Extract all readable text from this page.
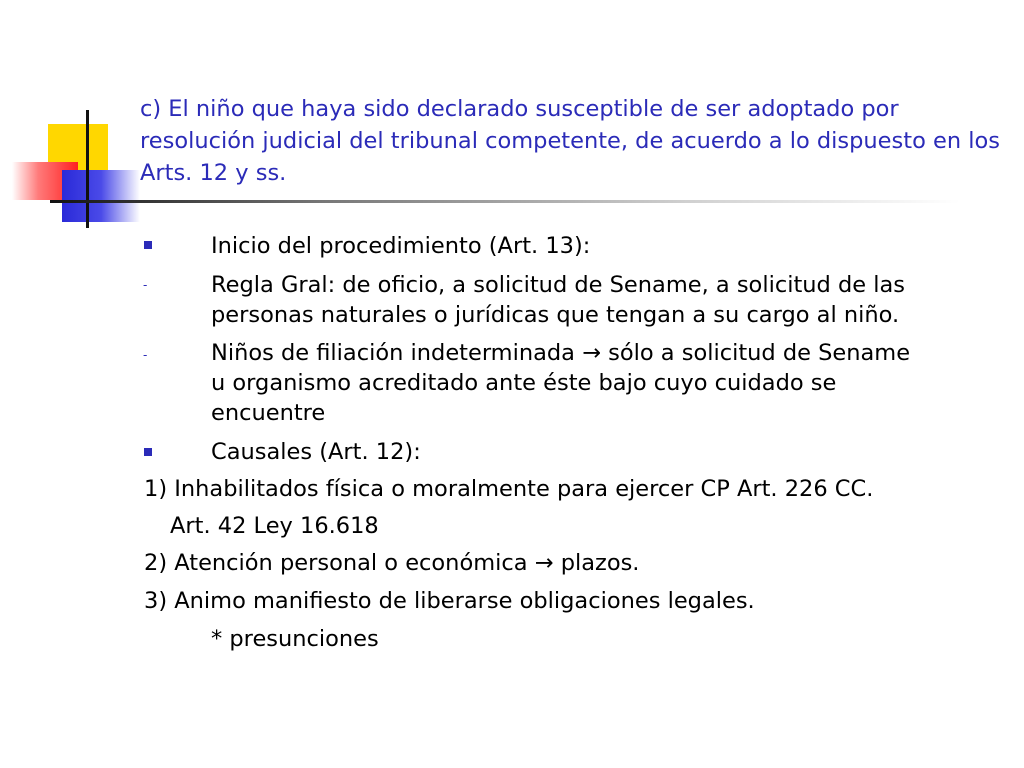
c) El niño que haya sido declarado susceptible de ser adoptado por resolución judicial del tribunal competente, de acuerdo a lo dispuesto en los Arts. 12 y ss.
Inicio del procedimiento (Art. 13):
-	Regla Gral: de oficio, a solicitud de Sename, a solicitud de las
personas naturales o jurídicas que tengan a su cargo al niño.
-	Niños de filiación indeterminada → sólo a solicitud de Sename
u organismo acreditado ante éste bajo cuyo cuidado se
encuentre
Causales (Art. 12):
1) Inhabilitados física o moralmente para ejercer CP Art. 226 CC.
Art. 42 Ley 16.618
2) Atención personal o económica → plazos.
3) Animo manifiesto de liberarse obligaciones legales.
* presunciones
